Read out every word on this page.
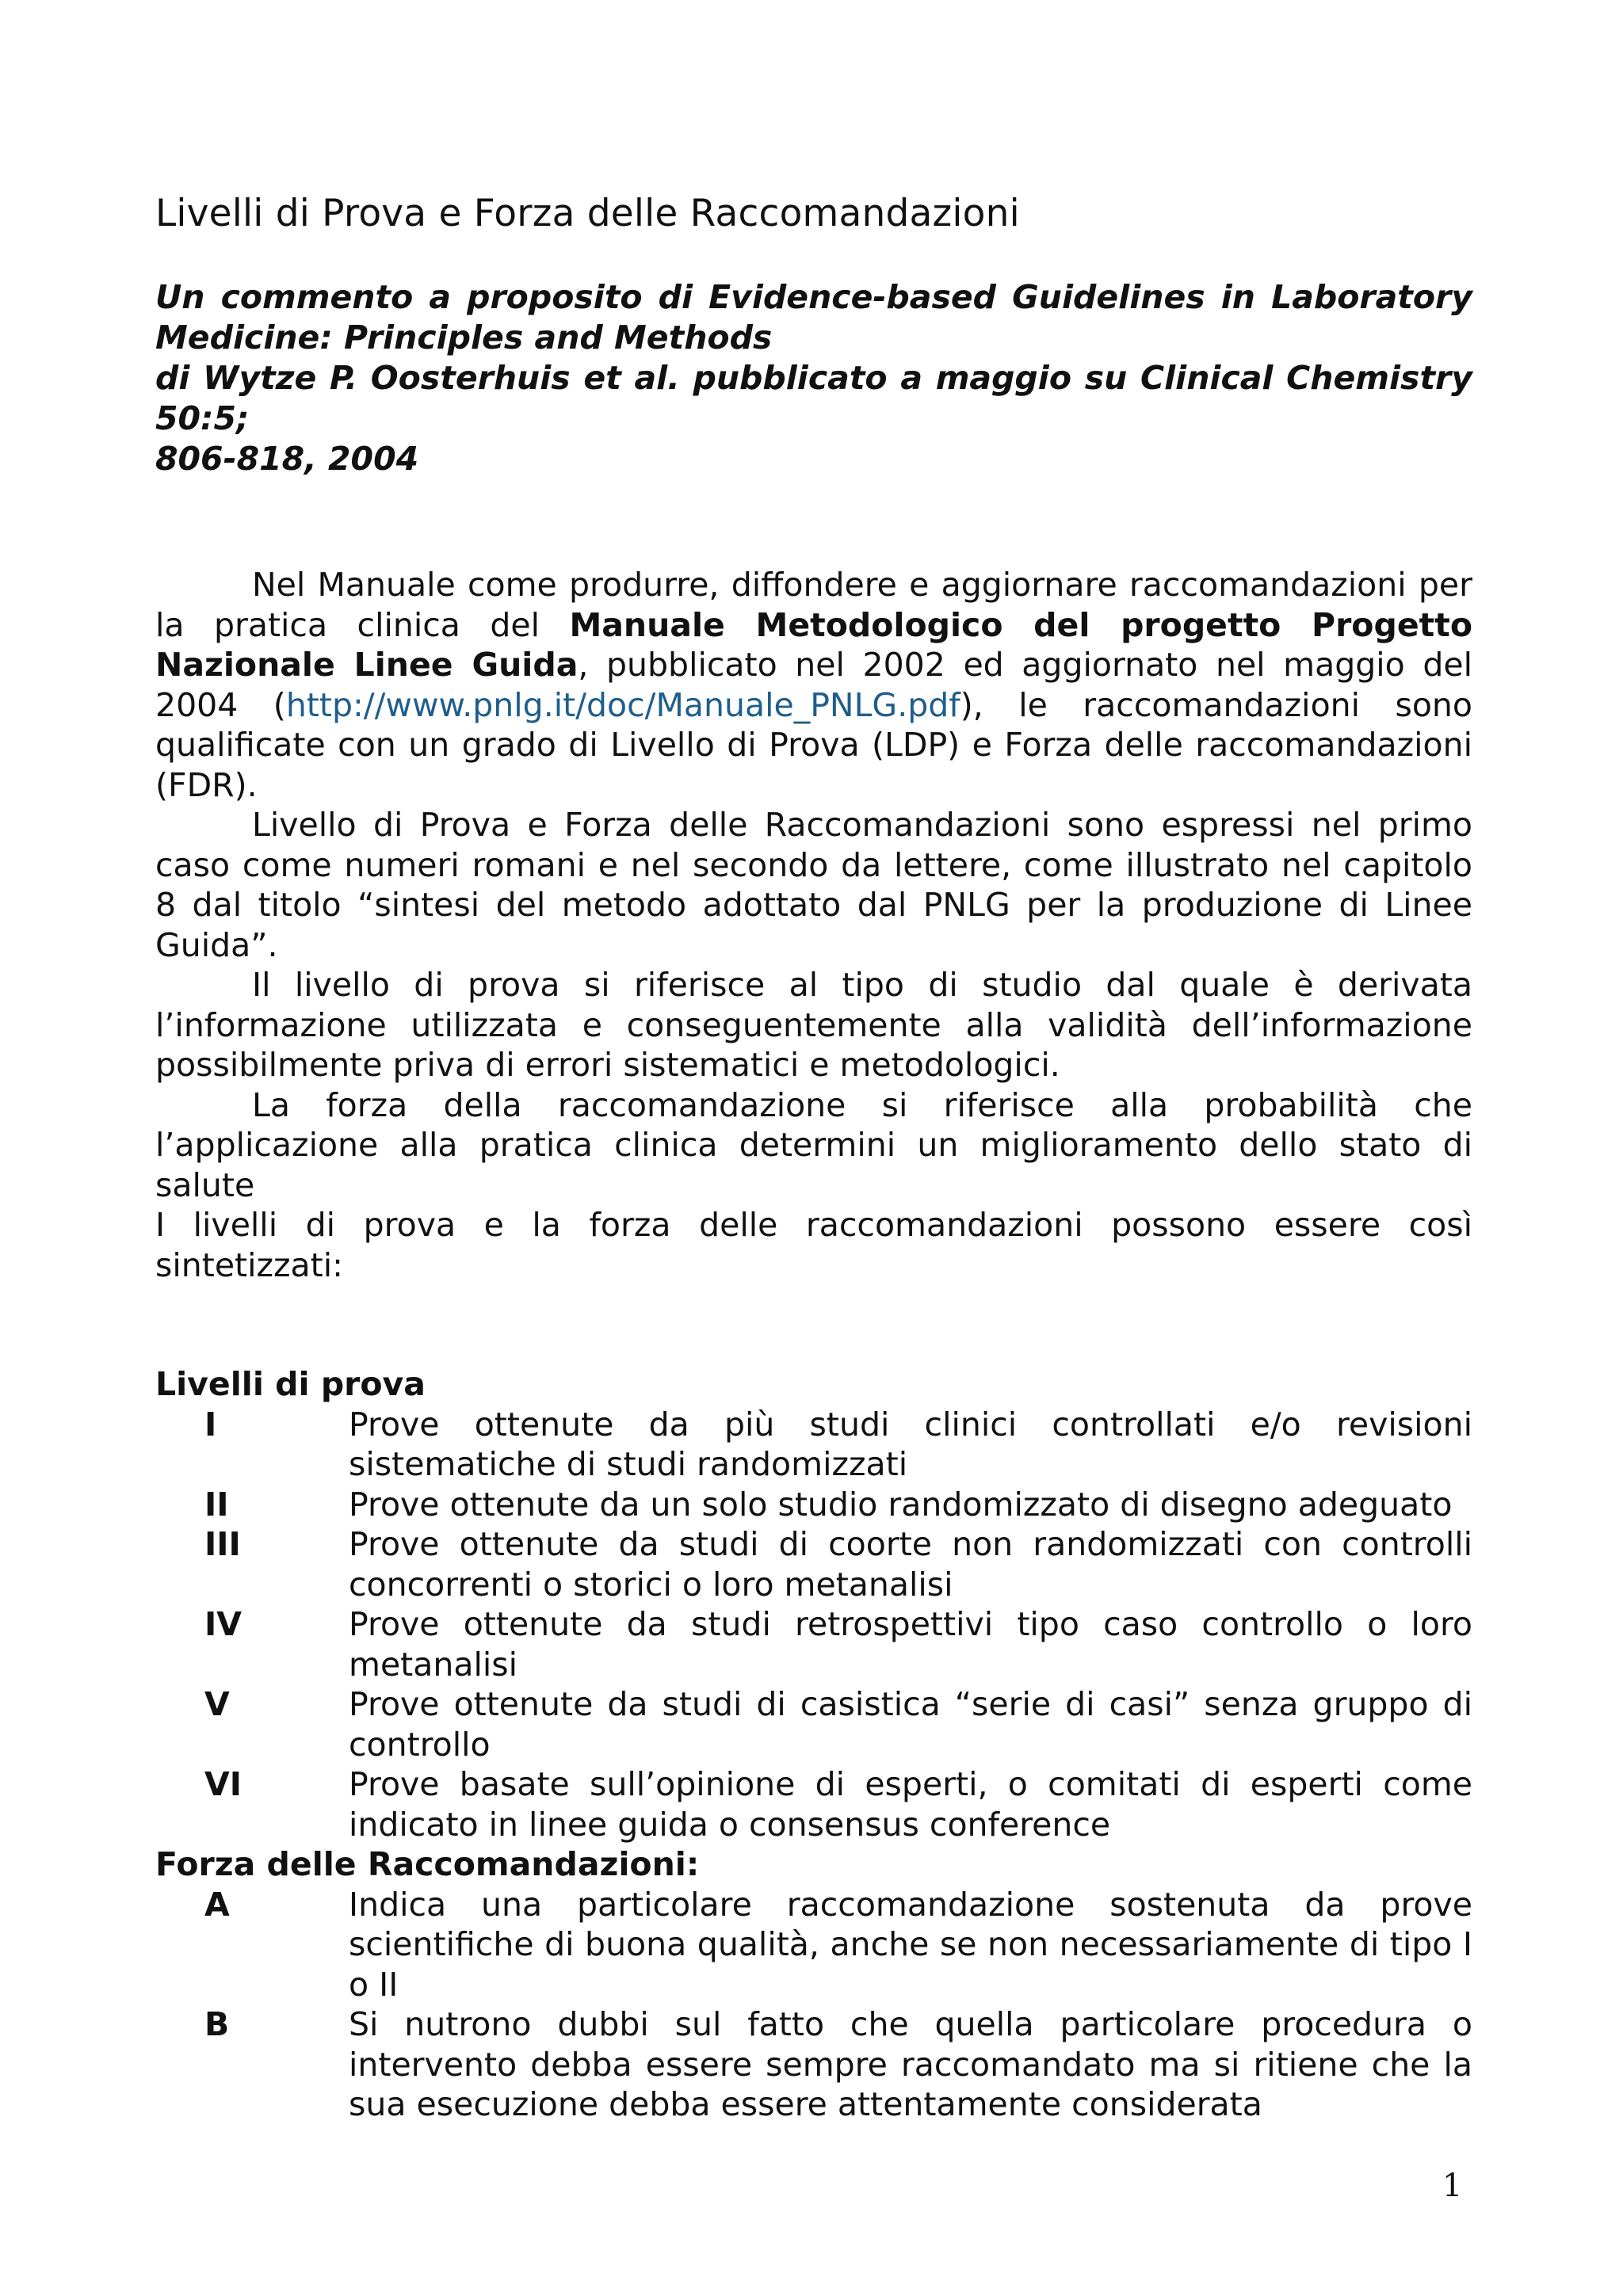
Livelli di Prova e Forza delle Raccomandazioni

Un commento a proposito di Evidence-based Guidelines in Laboratory

Medicine: Principles and Methods

di Wytze P. Oosterhuis et al. pubblicato a maggio su Clinical Chemistry 50:5;

806-818, 2004

Nel Manuale come produrre, diffondere e aggiornare raccomandazioni per la pratica clinica del Manuale Metodologico del progetto Progetto Nazionale Linee Guida, pubblicato nel 2002 ed aggiornato nel maggio del 2004 (http://www.pnlg.it/doc/Manuale_PNLG.pdf), le raccomandazioni sono qualificate con un grado di Livello di Prova (LDP) e Forza delle raccomandazioni (FDR).

Livello di Prova e Forza delle Raccomandazioni sono espressi nel primo caso come numeri romani e nel secondo da lettere, come illustrato nel capitolo 8 dal titolo “sintesi del metodo adottato dal PNLG per la produzione di Linee Guida”.

Il livello di prova si riferisce al tipo di studio dal quale è derivata l’informazione utilizzata e conseguentemente alla validità dell’informazione possibilmente priva di errori sistematici e metodologici.

La forza della raccomandazione si riferisce alla probabilità che l’applicazione alla pratica clinica determini un miglioramento dello stato di salute

I livelli di prova e la forza delle raccomandazioni possono essere così sintetizzati:

Livelli di prova

I	Prove ottenute da più studi clinici controllati e/o revisioni sistematiche di studi randomizzati
II	Prove ottenute da un solo studio randomizzato di disegno adeguato
III	Prove ottenute da studi di coorte non randomizzati con controlli concorrenti o storici o loro metanalisi
IV	Prove ottenute da studi retrospettivi tipo caso controllo o loro metanalisi
V	Prove ottenute da studi di casistica “serie di casi” senza gruppo di controllo
VI	Prove basate sull’opinione di esperti, o comitati di esperti come indicato in linee guida o consensus conference

Forza delle Raccomandazioni:

A	Indica una particolare raccomandazione sostenuta da prove scientifiche di buona qualità, anche se non necessariamente di tipo I o II
B	Si nutrono dubbi sul fatto che quella particolare procedura o intervento debba essere sempre raccomandato ma si ritiene che la sua esecuzione debba essere attentamente considerata
1
